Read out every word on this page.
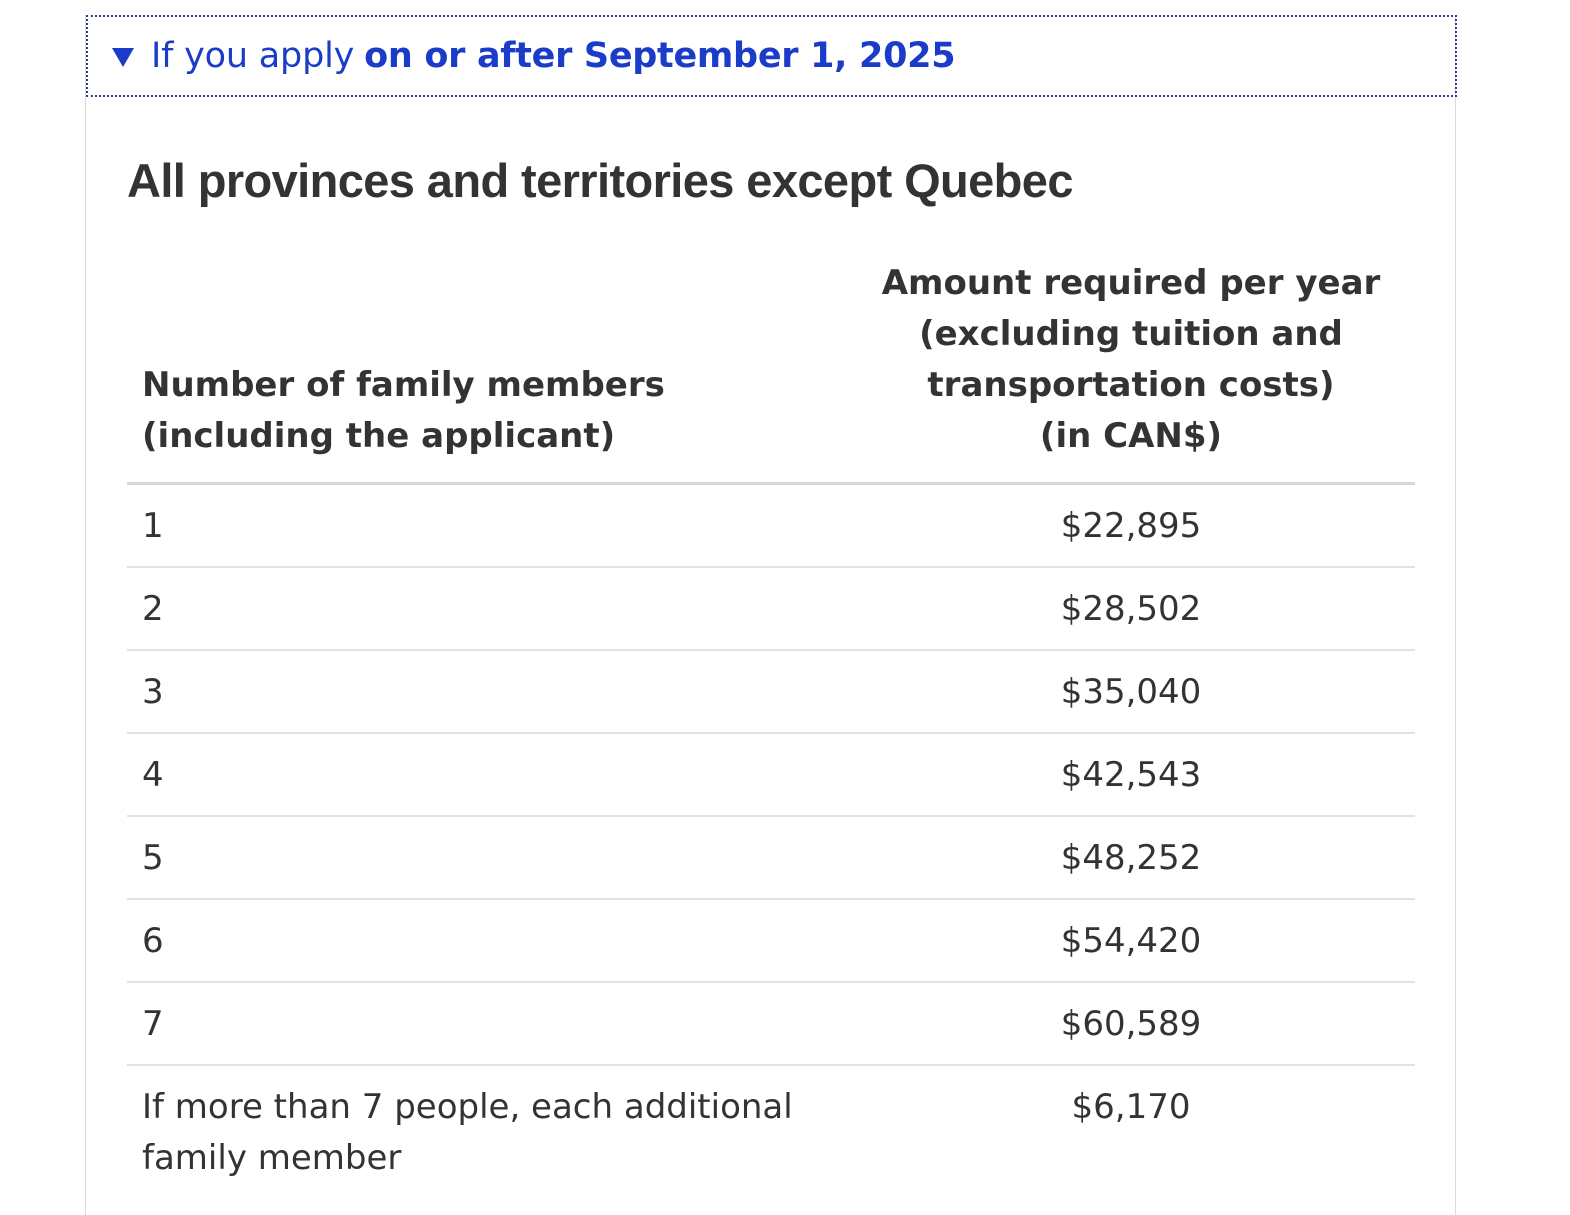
If you apply on or after September 1, 2025
All provinces and territories except Quebec
Number of family members
(including the applicant)	Amount required per year
(excluding tuition and
transportation costs)
(in CAN$)
1	$22,895
2	$28,502
3	$35,040
4	$42,543
5	$48,252
6	$54,420
7	$60,589
If more than 7 people, each additional
family member	$6,170
